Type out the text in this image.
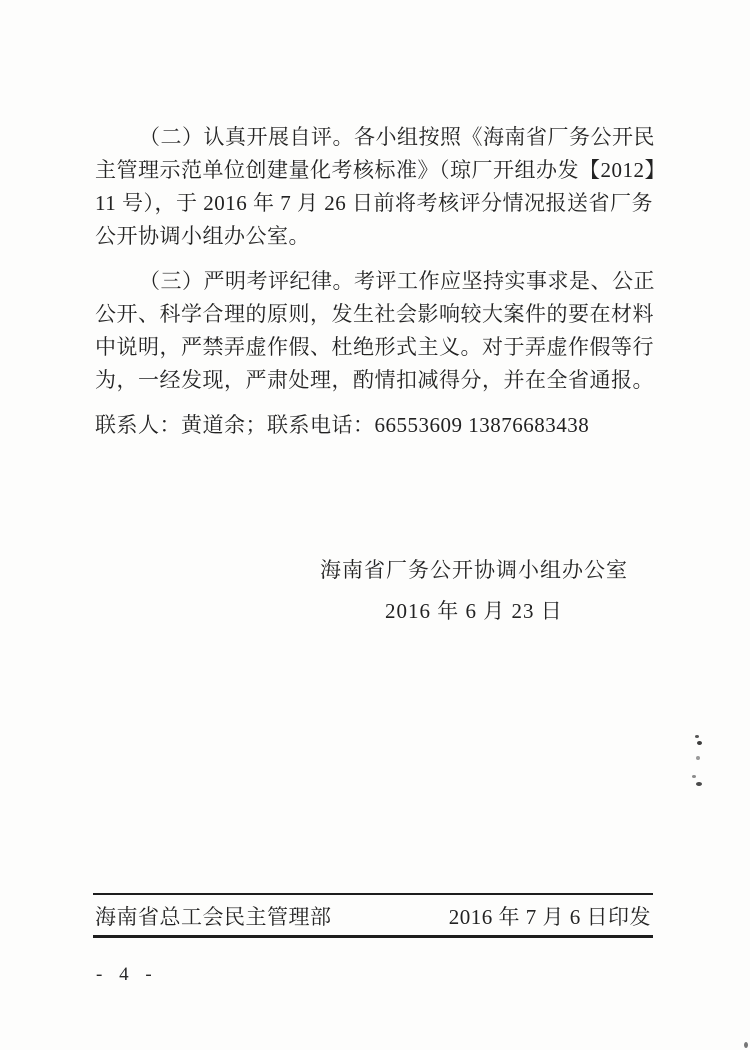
（二）认真开展自评。各小组按照《海南省厂务公开民
主管理示范单位创建量化考核标准》（琼厂开组办发【2012】
11 号），于 2016 年 7 月 26 日前将考核评分情况报送省厂务
公开协调小组办公室。
（三）严明考评纪律。考评工作应坚持实事求是、公正
公开、科学合理的原则，发生社会影响较大案件的要在材料
中说明，严禁弄虚作假、杜绝形式主义。对于弄虚作假等行
为，一经发现，严肃处理，酌情扣减得分，并在全省通报。
联系人：黄道余；联系电话：66553609 13876683438
海南省厂务公开协调小组办公室
2016 年 6 月 23 日
海南省总工会民主管理部	2016 年 7 月 6 日印发
- 4 -
